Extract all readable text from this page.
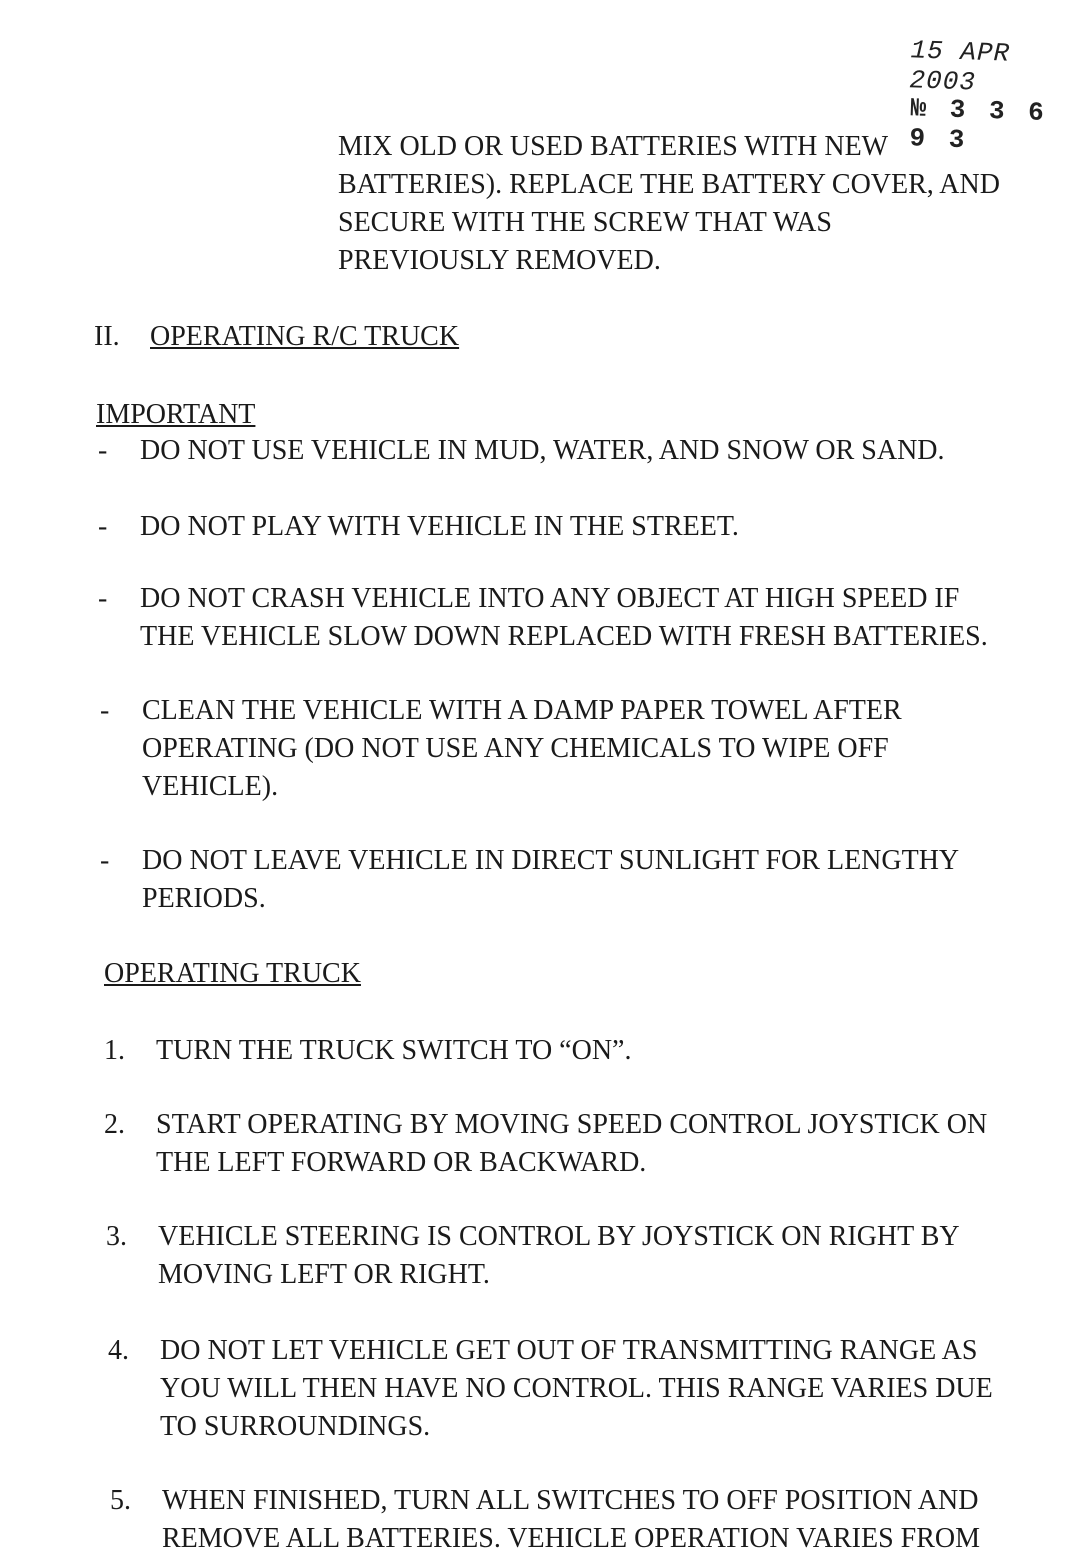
15 APR 2003
№ 3 3 6 9 3
MIX OLD OR USED BATTERIES WITH NEW
BATTERIES). REPLACE THE BATTERY COVER, AND
SECURE WITH THE SCREW THAT WAS
PREVIOUSLY REMOVED.
II. OPERATING R/C TRUCK
IMPORTANT
- DO NOT USE VEHICLE IN MUD, WATER, AND SNOW OR SAND.
- DO NOT PLAY WITH VEHICLE IN THE STREET.
- DO NOT CRASH VEHICLE INTO ANY OBJECT AT HIGH SPEED IF
THE VEHICLE SLOW DOWN REPLACED WITH FRESH BATTERIES.
- CLEAN THE VEHICLE WITH A DAMP PAPER TOWEL AFTER
OPERATING (DO NOT USE ANY CHEMICALS TO WIPE OFF
VEHICLE).
- DO NOT LEAVE VEHICLE IN DIRECT SUNLIGHT FOR LENGTHY
PERIODS.
OPERATING TRUCK
1. TURN THE TRUCK SWITCH TO “ON”.
2. START OPERATING BY MOVING SPEED CONTROL JOYSTICK ON
THE LEFT FORWARD OR BACKWARD.
3. VEHICLE STEERING IS CONTROL BY JOYSTICK ON RIGHT BY
MOVING LEFT OR RIGHT.
4. DO NOT LET VEHICLE GET OUT OF TRANSMITTING RANGE AS
YOU WILL THEN HAVE NO CONTROL. THIS RANGE VARIES DUE
TO SURROUNDINGS.
5. WHEN FINISHED, TURN ALL SWITCHES TO OFF POSITION AND
REMOVE ALL BATTERIES. VEHICLE OPERATION VARIES FROM
